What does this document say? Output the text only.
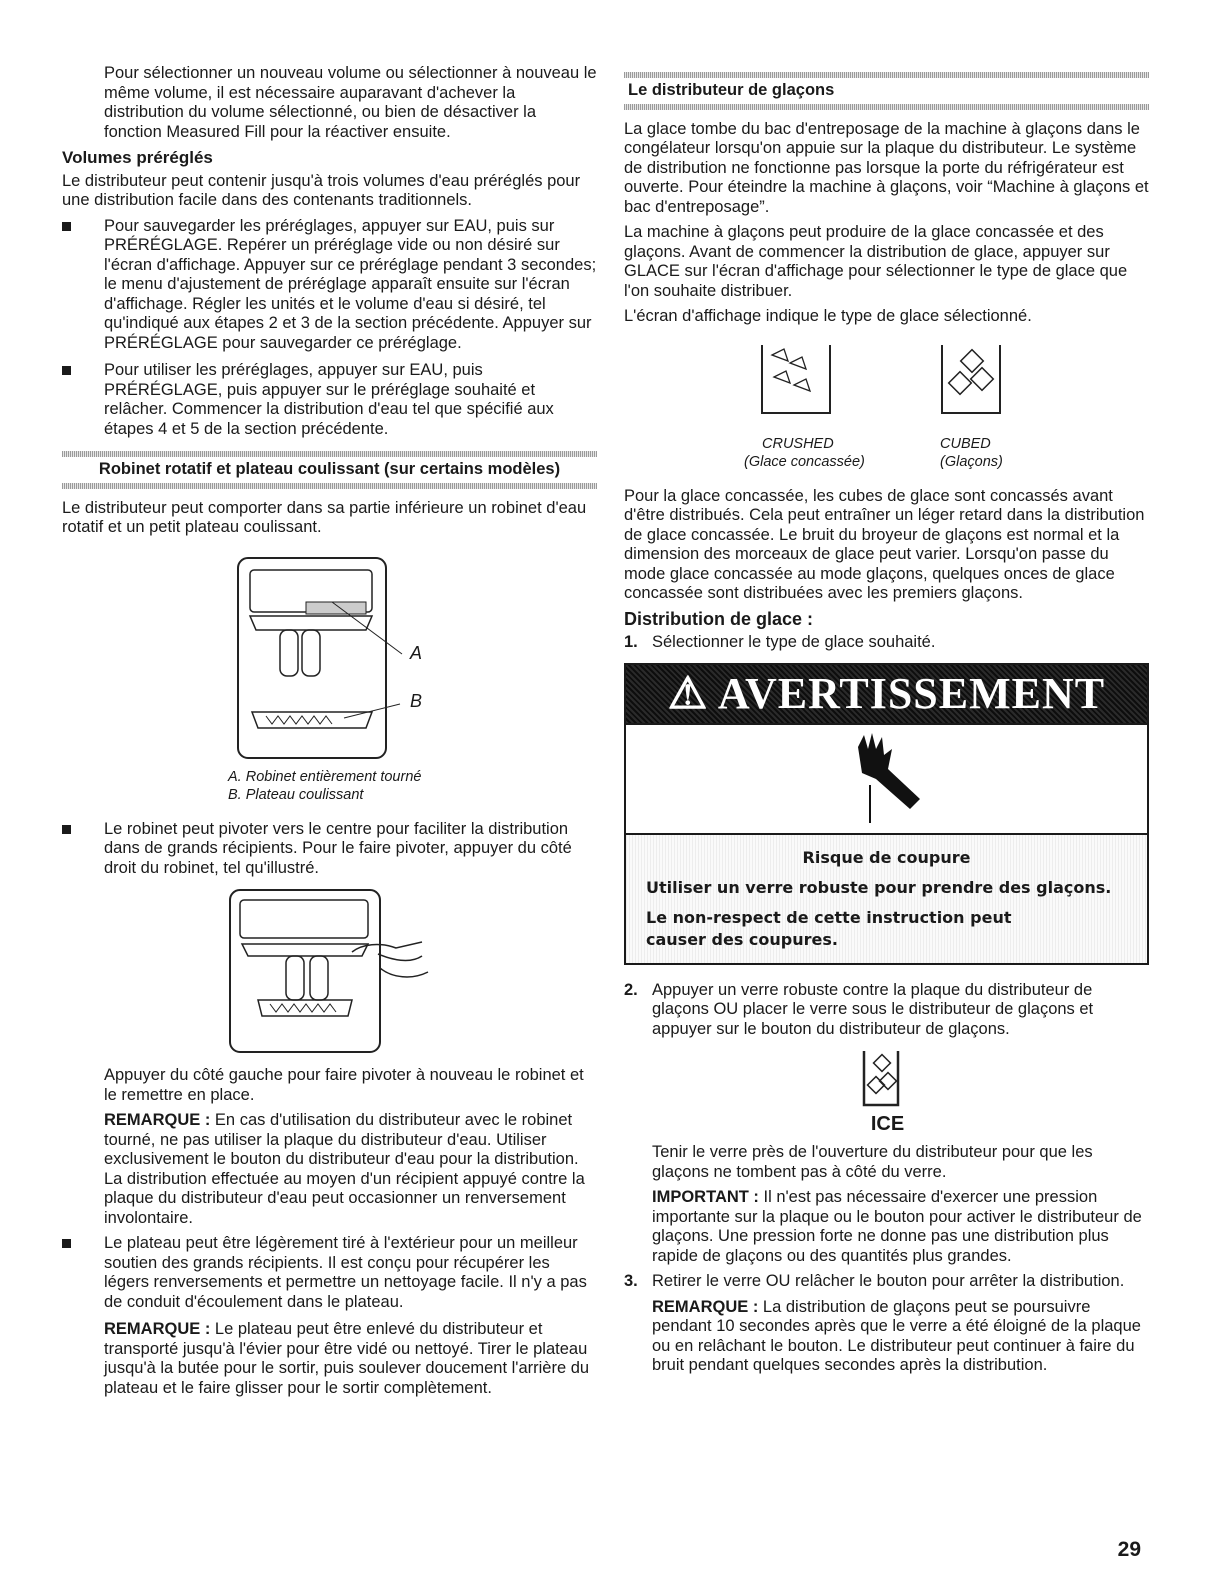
Pour sélectionner un nouveau volume ou sélectionner à nouveau le même volume, il est nécessaire auparavant d'achever la distribution du volume sélectionné, ou bien de désactiver la fonction Measured Fill pour la réactiver ensuite.

Volumes préréglés

Le distributeur peut contenir jusqu'à trois volumes d'eau préréglés pour une distribution facile dans des contenants traditionnels.

Pour sauvegarder les préréglages, appuyer sur EAU, puis sur PRÉRÉGLAGE. Repérer un préréglage vide ou non désiré sur l'écran d'affichage. Appuyer sur ce préréglage pendant 3 secondes; le menu d'ajustement de préréglage apparaît ensuite sur l'écran d'affichage. Régler les unités et le volume d'eau si désiré, tel qu'indiqué aux étapes 2 et 3 de la section précédente. Appuyer sur PRÉRÉGLAGE pour sauvegarder ce préréglage.
Pour utiliser les préréglages, appuyer sur EAU, puis PRÉRÉGLAGE, puis appuyer sur le préréglage souhaité et relâcher. Commencer la distribution d'eau tel que spécifié aux étapes 4 et 5 de la section précédente.
Robinet rotatif et plateau coulissant (sur certains modèles)

Le distributeur peut comporter dans sa partie inférieure un robinet d'eau rotatif et un petit plateau coulissant.

A
B
A. Robinet entièrement tourné
B. Plateau coulissant
Le robinet peut pivoter vers le centre pour faciliter la distribution dans de grands récipients. Pour le faire pivoter, appuyer du côté droit du robinet, tel qu'illustré.

Appuyer du côté gauche pour faire pivoter à nouveau le robinet et le remettre en place.

REMARQUE : En cas d'utilisation du distributeur avec le robinet tourné, ne pas utiliser la plaque du distributeur d'eau. Utiliser exclusivement le bouton du distributeur d'eau pour la distribution. La distribution effectuée au moyen d'un récipient appuyé contre la plaque du distributeur d'eau peut occasionner un renversement involontaire.

Le plateau peut être légèrement tiré à l'extérieur pour un meilleur soutien des grands récipients. Il est conçu pour récupérer les légers renversements et permettre un nettoyage facile. Il n'y a pas de conduit d'écoulement dans le plateau.

REMARQUE : Le plateau peut être enlevé du distributeur et transporté jusqu'à l'évier pour être vidé ou nettoyé. Tirer le plateau jusqu'à la butée pour le sortir, puis soulever doucement l'arrière du plateau et le faire glisser pour le sortir complètement.

Le distributeur de glaçons

La glace tombe du bac d'entreposage de la machine à glaçons dans le congélateur lorsqu'on appuie sur la plaque du distributeur. Le système de distribution ne fonctionne pas lorsque la porte du réfrigérateur est ouverte. Pour éteindre la machine à glaçons, voir “Machine à glaçons et bac d'entreposage”.

La machine à glaçons peut produire de la glace concassée et des glaçons. Avant de commencer la distribution de glace, appuyer sur GLACE sur l'écran d'affichage pour sélectionner le type de glace que l'on souhaite distribuer.

L'écran d'affichage indique le type de glace sélectionné.

CRUSHED
(Glace concassée)
CUBED
(Glaçons)

Pour la glace concassée, les cubes de glace sont concassés avant d'être distribués. Cela peut entraîner un léger retard dans la distribution de glace concassée. Le bruit du broyeur de glaçons est normal et la dimension des morceaux de glace peut varier. Lorsqu'on passe du mode glace concassée au mode glaçons, quelques onces de glace concassée sont distribuées avec les premiers glaçons.

Distribution de glace :
1. Sélectionner le type de glace souhaité.
⚠ AVERTISSEMENT
Risque de coupure
Utiliser un verre robuste pour prendre des glaçons.
Le non-respect de cette instruction peut causer des coupures.
2. Appuyer un verre robuste contre la plaque du distributeur de glaçons OU placer le verre sous le distributeur de glaçons et appuyer sur le bouton du distributeur de glaçons.
ICE

Tenir le verre près de l'ouverture du distributeur pour que les glaçons ne tombent pas à côté du verre.

IMPORTANT : Il n'est pas nécessaire d'exercer une pression importante sur la plaque ou le bouton pour activer le distributeur de glaçons. Une pression forte ne donne pas une distribution plus rapide de glaçons ou des quantités plus grandes.

3. Retirer le verre OU relâcher le bouton pour arrêter la distribution.

REMARQUE : La distribution de glaçons peut se poursuivre pendant 10 secondes après que le verre a été éloigné de la plaque ou en relâchant le bouton. Le distributeur peut continuer à faire du bruit pendant quelques secondes après la distribution.

29
